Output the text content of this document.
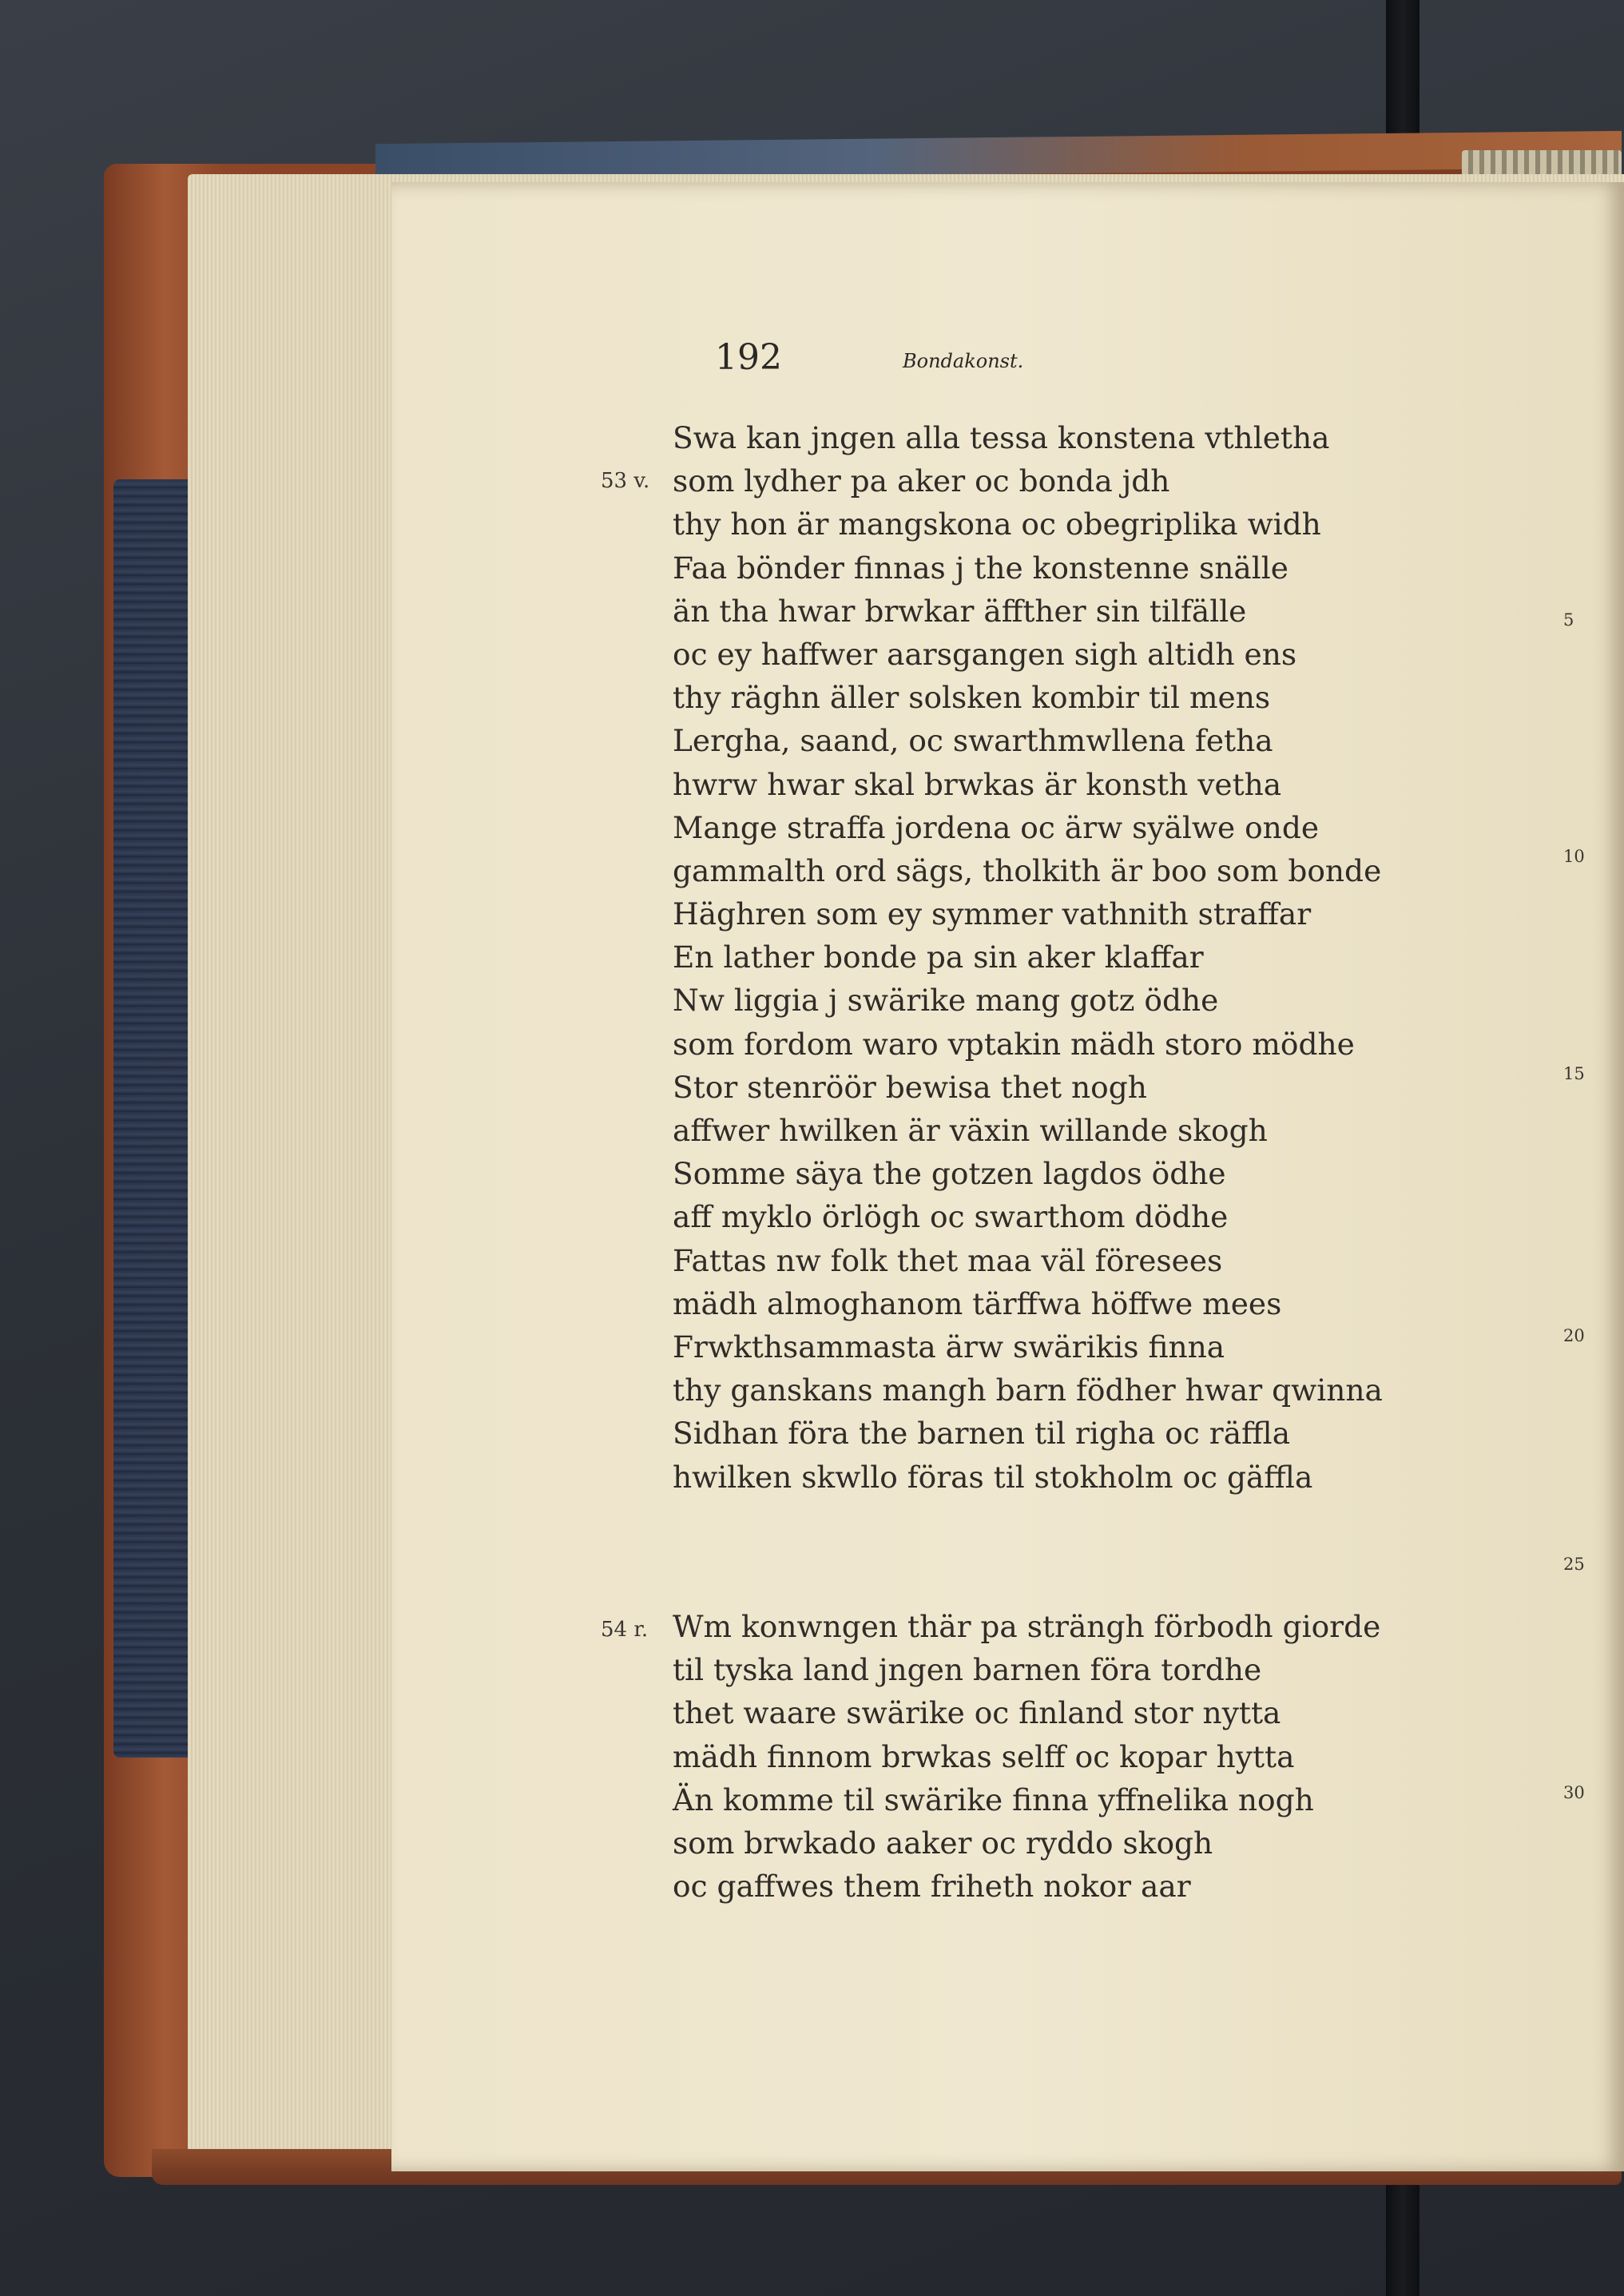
192	Bondakonst.
Swa kan jngen alla tessa konstena vthletha
som lydher pa aker oc bonda jdh
thy hon är mangskona oc obegriplika widh
Faa bönder finnas j the konstenne snälle
än tha hwar brwkar äffther sin tilfälle
oc ey haffwer aarsgangen sigh altidh ens
thy räghn äller solsken kombir til mens
Lergha, saand, oc swarthmwllena fetha
hwrw hwar skal brwkas är konsth vetha
Mange straffa jordena oc ärw syälwe onde
gammalth ord sägs, tholkith är boo som bonde
Häghren som ey symmer vathnith straffar
En lather bonde pa sin aker klaffar
Nw liggia j swärike mang gotz ödhe
som fordom waro vptakin mädh storo mödhe
Stor stenröör bewisa thet nogh
affwer hwilken är växin willande skogh
Somme säya the gotzen lagdos ödhe
aff myklo örlögh oc swarthom dödhe
Fattas nw folk thet maa väl föresees
mädh almoghanom tärffwa höffwe mees
Frwkthsammasta ärw swärikis finna
thy ganskans mangh barn födher hwar qwinna
Sidhan föra the barnen til righa oc räffla
hwilken skwllo föras til stokholm oc gäffla
Wm konwngen thär pa strängh förbodh giorde
til tyska land jngen barnen föra tordhe
thet waare swärike oc finland stor nytta
mädh finnom brwkas selff oc kopar hytta
Än komme til swärike finna yffnelika nogh
som brwkado aaker oc ryddo skogh
oc gaffwes them friheth nokor aar
53 v.
54 r.
5
10
15
20
25
30
